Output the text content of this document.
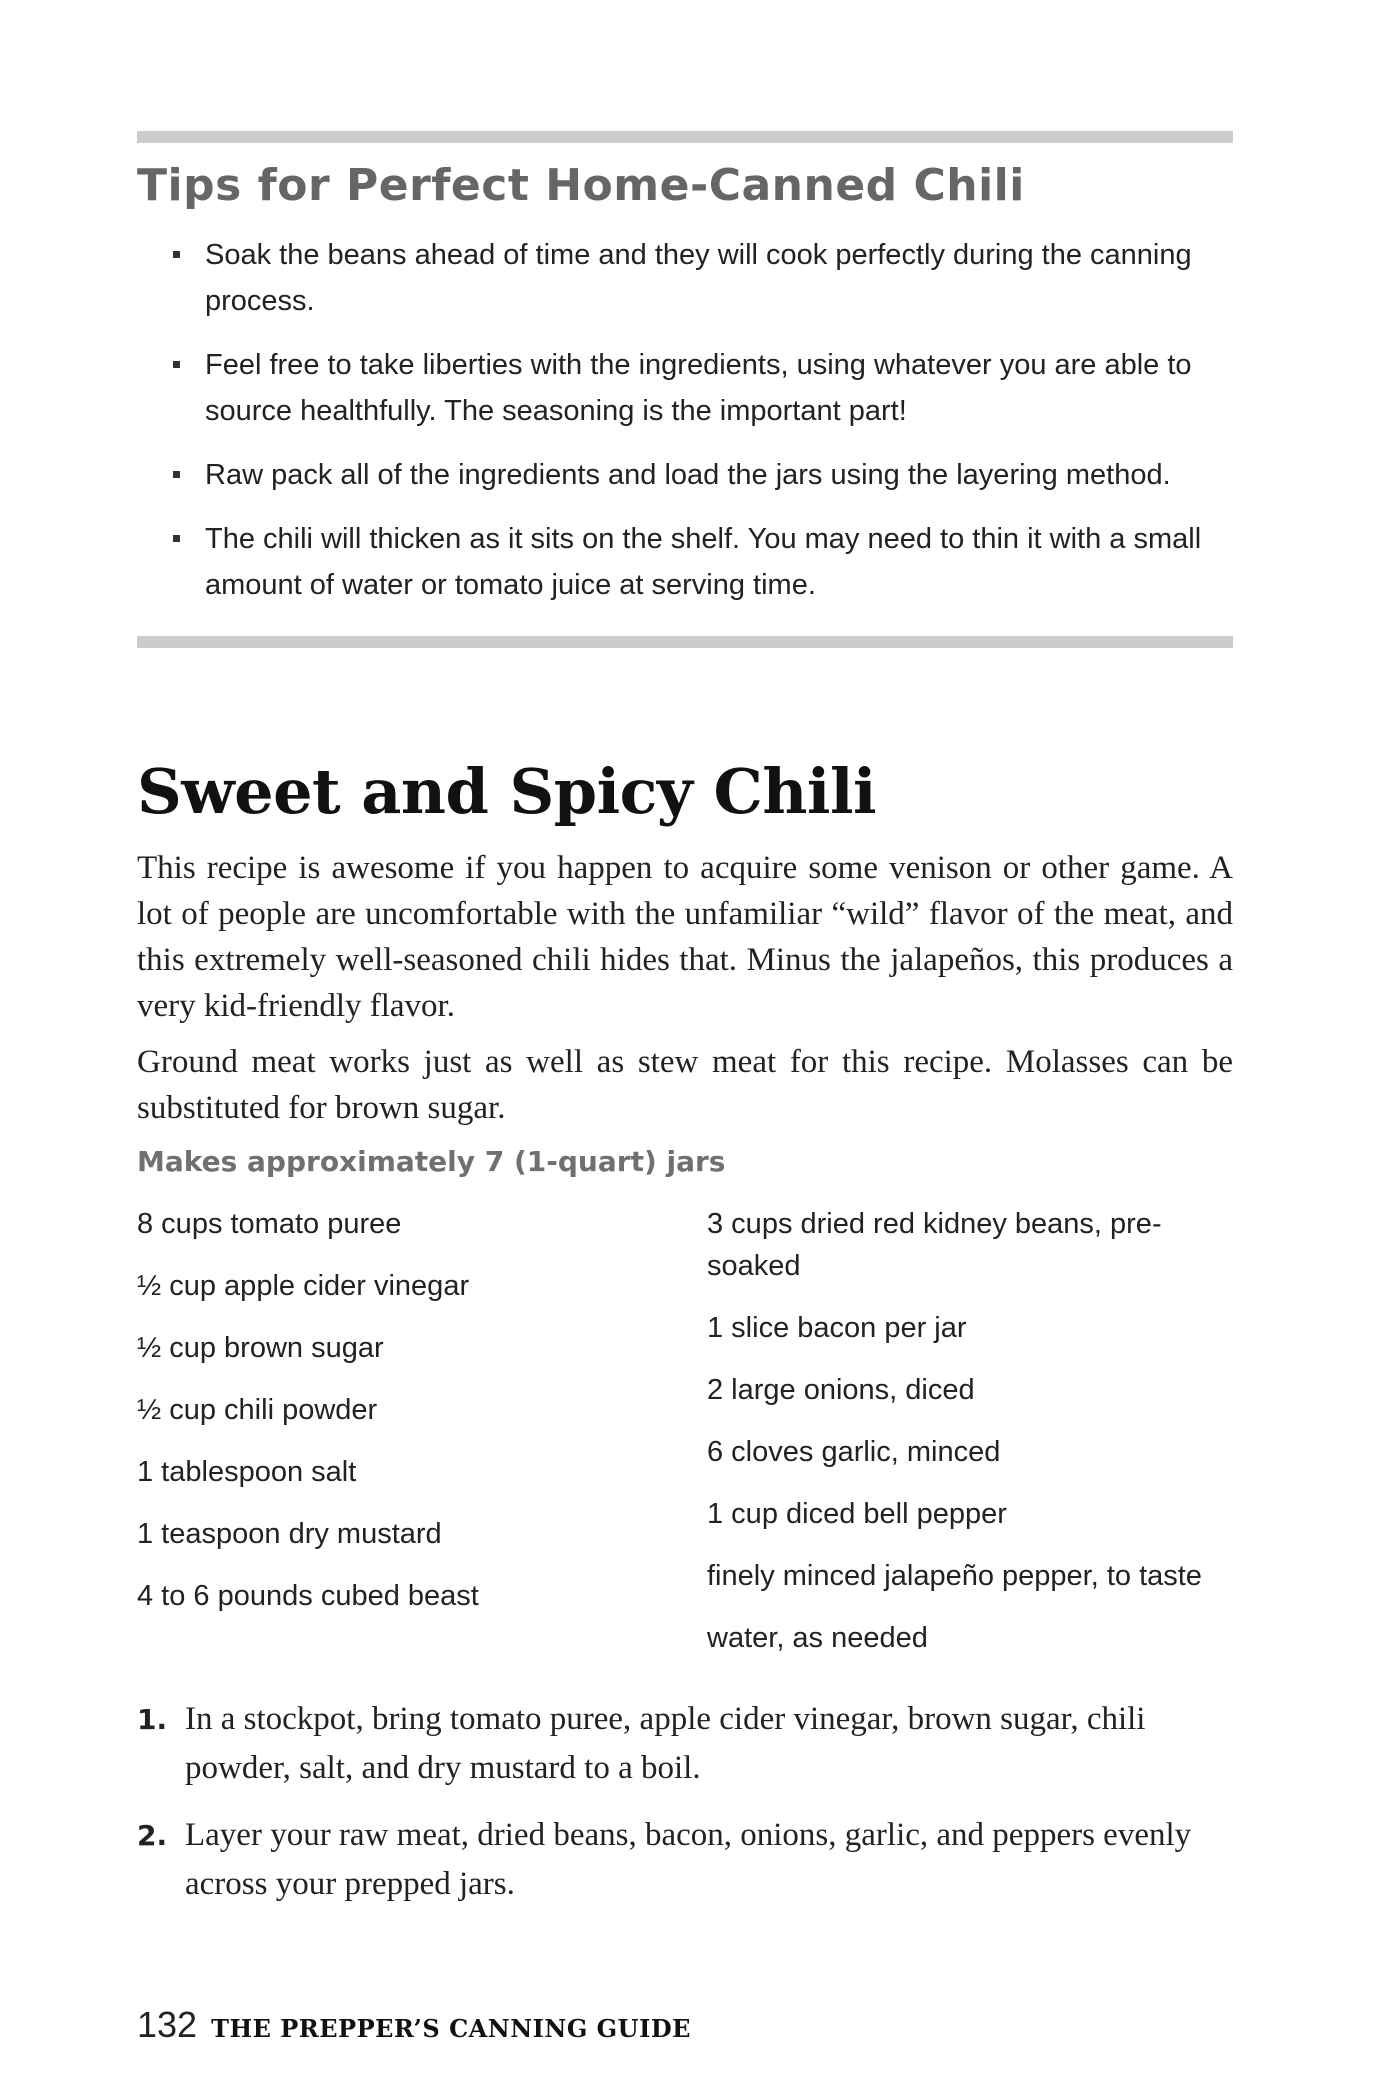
Tips for Perfect Home-Canned Chili
Soak the beans ahead of time and they will cook perfectly during the canning process.
Feel free to take liberties with the ingredients, using whatever you are able to source healthfully. The seasoning is the important part!
Raw pack all of the ingredients and load the jars using the layering method.
The chili will thicken as it sits on the shelf. You may need to thin it with a small amount of water or tomato juice at serving time.
Sweet and Spicy Chili

This recipe is awesome if you happen to acquire some venison or other game. A lot of people are uncomfortable with the unfamiliar “wild” flavor of the meat, and this extremely well-seasoned chili hides that. Minus the jalapeños, this produces a very kid-friendly flavor.

Ground meat works just as well as stew meat for this recipe. Molasses can be substituted for brown sugar.

Makes approximately 7 (1-quart) jars

8 cups tomato puree
½ cup apple cider vinegar
½ cup brown sugar
½ cup chili powder
1 tablespoon salt
1 teaspoon dry mustard
4 to 6 pounds cubed beast
3 cups dried red kidney beans, pre-soaked
1 slice bacon per jar
2 large onions, diced
6 cloves garlic, minced
1 cup diced bell pepper
finely minced jalapeño pepper, to taste
water, as needed
1. In a stockpot, bring tomato puree, apple cider vinegar, brown sugar, chili powder, salt, and dry mustard to a boil.
2. Layer your raw meat, dried beans, bacon, onions, garlic, and peppers evenly across your prepped jars.
132 THE PREPPER’S CANNING GUIDE
